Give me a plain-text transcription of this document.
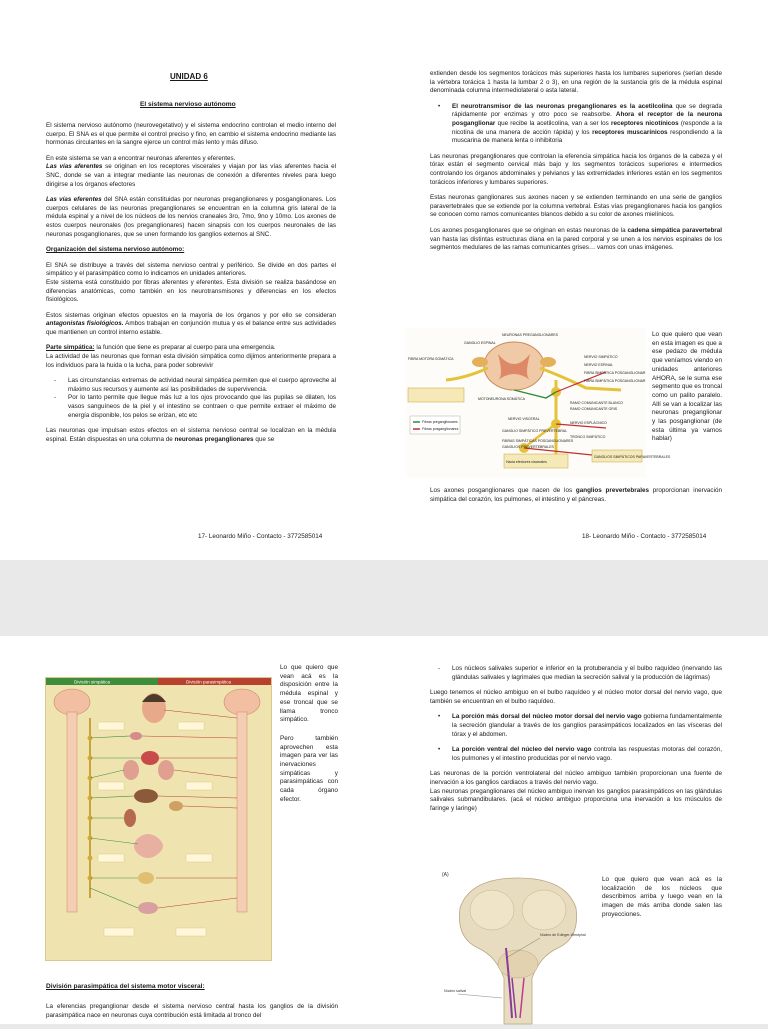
UNIDAD 6
El sistema nervioso autónomo

El sistema nervioso autónomo (neurovegetativo) y el sistema endocrino controlan el medio interno del cuerpo. El SNA es el que permite el control preciso y fino, en cambio el sistema endocrino mediante las hormonas circulantes en la sangre ejerce un control más lento y más difuso.

En este sistema se van a encontrar neuronas aferentes y eferentes.

Las vías aferentes se originan en los receptores viscerales y viajan por las vías aferentes hacia el SNC, donde se van a integrar mediante las neuronas de conexión a diferentes niveles para luego dirigirse a los órganos efectores

Las vías eferentes del SNA están constituidas por neuronas preganglionares y posganglionares. Los cuerpos celulares de las neuronas preganglionares se encuentran en la columna gris lateral de la médula espinal y a nivel de los núcleos de los nervios craneales 3ro, 7mo, 9no y 10mo. Los axones de estos cuerpos neuronales (los preganglionares) hacen sinapsis con los cuerpos neuronales de las neuronas posganglionares, que se unen formando los ganglios externos al SNC.

Organización del sistema nervioso autónomo:

El SNA se distribuye a través del sistema nervioso central y periférico. Se divide en dos partes el simpático y el parasimpático como lo indicamos en unidades anteriores.

Este sistema está constituido por fibras aferentes y eferentes. Esta división se realiza basándose en diferencias anatómicas, como también en los neurotransmisores y diferencias en los efectos fisiológicos.

Estos sistemas originan efectos opuestos en la mayoría de los órganos y por ello se consideran antagonistas fisiológicos. Ambos trabajan en conjunción mutua y es el balance entre sus actividades que mantienen un control interno estable.

Parte simpática: la función que tiene es preparar al cuerpo para una emergencia.

La actividad de las neuronas que forman esta división simpática como dijimos anteriormente prepara a los individuos para la huida o la lucha, para poder sobrevivir

- Las circunstancias extremas de actividad neural simpática permiten que el cuerpo aproveche al máximo sus recursos y aumente así las posibilidades de supervivencia.
- Por lo tanto permite que llegue más luz a los ojos provocando que las pupilas se dilaten, los vasos sanguíneos de la piel y el intestino se contraen o que permite extraer el máximo de energía disponible, los pelos se erizan, etc etc

Las neuronas que impulsan estos efectos en el sistema nervioso central se localizan en la médula espinal. Están dispuestas en una columna de neuronas preganglionares que se

17- Leonardo Miño - Contacto - 3772585014

extienden desde los segmentos torácicos más superiores hasta los lumbares superiores (serían desde la vértebra torácica 1 hasta la lumbar 2 o 3), en una región de la sustancia gris de la médula espinal denominada columna intermediolateral o asta lateral.

• El neurotransmisor de las neuronas preganglionares es la acetilcolina que se degrada rápidamente por enzimas y otro poco se reabsorbe. Ahora el receptor de la neurona posganglionar que recibe la acetilcolina, van a ser los receptores nicotínicos (responde a la nicotina de una manera de acción rápida) y los receptores muscarínicos respondiendo a la muscarina de manera lenta o inhibitoria

Las neuronas preganglionares que controlan la eferencia simpática hacia los órganos de la cabeza y el tórax están el segmento cervical más bajo y los segmentos torácicos superiores e intermedios controlando los órganos abdominales y pelvianos y las extremidades inferiores están en los segmentos torácicos inferiores y lumbares superiores.

Estas neuronas ganglionares sus axones nacen y se extienden terminando en una serie de ganglios paravertebrales que se extiende por la columna vertebral. Estas vías preganglionares hacia los ganglios se conocen como ramos comunicantes blancos debido a su color de axones mielínicos.

Los axones posganglionares que se originan en estas neuronas de la cadena simpática paravertebral van hasta las distintas estructuras diana en la pared corporal y se unen a los nervios espinales de los segmentos medulares de las ramas comunicantes grises… vamos con unas imágenes.

NEURONAS PREGANGLIONARES
GANGLIO ESPINAL
FIBRA MOTORA SOMÁTICA	NERVIO SIMPÁTICO
NERVIO ESPINAL
FIBRA SIMPÁTICA POSGANGLIONAR
FIBRA SIMPÁTICA POSGANGLIONAR
RAMO COMUNICANTE BLANCO
RAMO COMUNICANTE GRIS
MOTONEURONA SOMÁTICA
NERVIO VISCERAL
NERVIO ESPLÁCNICO
GANGLIO SIMPÁTICO PREVERTEBRAL
TRONCO SIMPÁTICO
Fibras preganglionares
Fibras posganglionares
FIBRAS SIMPÁTICAS POSGANGLIONARES
GANGLIOS PREVERTEBRALES
Hacia efectores viscerales
GANGLIOS SIMPÁTICOS PARAVERTEBRALES
Lo que quiero que vean en esta imagen es que a ese pedazo de médula que veníamos viendo en unidades anteriores AHORA, se le suma ese segmento que es troncal como un palito paralelo. Allí se van a localizar las neuronas preganglionar y las posganglionar (de esta última ya vamos hablar)

Los axones posganglionares que nacen de los ganglios prevertebrales proporcionan inervación simpática del corazón, los pulmones, el intestino y el páncreas.

18- Leonardo Miño - Contacto - 3772585014
División simpática	División parasimpática

Lo que quiero que vean acá es la disposición entre la médula espinal y ese troncal que se llama tronco simpático.

Pero también aprovechen esta imagen para ver las inervaciones simpáticas y parasimpáticas con cada órgano efector.

División parasimpática del sistema motor visceral:

La eferencias preganglionar desde el sistema nervioso central hasta los ganglios de la división parasimpática nace en neuronas cuya contribución está limitada al tronco del

- Los núcleos salivales superior e inferior en la protuberancia y el bulbo raquídeo (inervando las glándulas salivales y lagrimales que median la secreción salival y la producción de lágrimas)

Luego tenemos el núcleo ambiguo en el bulbo raquídeo y el núcleo motor dorsal del nervio vago, que también se encuentran en el bulbo raquídeo.

• La porción más dorsal del núcleo motor dorsal del nervio vago gobierna fundamentalmente la secreción glandular a través de los ganglios parasimpáticos localizados en las vísceras del tórax y el abdomen.
• La porción ventral del núcleo del nervio vago controla las respuestas motoras del corazón, los pulmones y el intestino producidas por el nervio vago.

Las neuronas de la porción ventrolateral del núcleo ambiguo también proporcionan una fuente de inervación a los ganglios cardiacos a través del nervio vago.

Las neuronas preganglionares del núcleo ambiguo inervan los ganglios parasimpáticos en las glándulas salivales submandibulares. (acá el núcleo ambiguo proporciona una inervación a los músculos de faringe y laringe)

(A)
Núcleo de Edinger-Westphal
Núcleo salival
Lo que quiero que vean acá es la localización de los núcleos que describimos arriba y luego vean en la imagen de más arriba donde salen las proyecciones.
